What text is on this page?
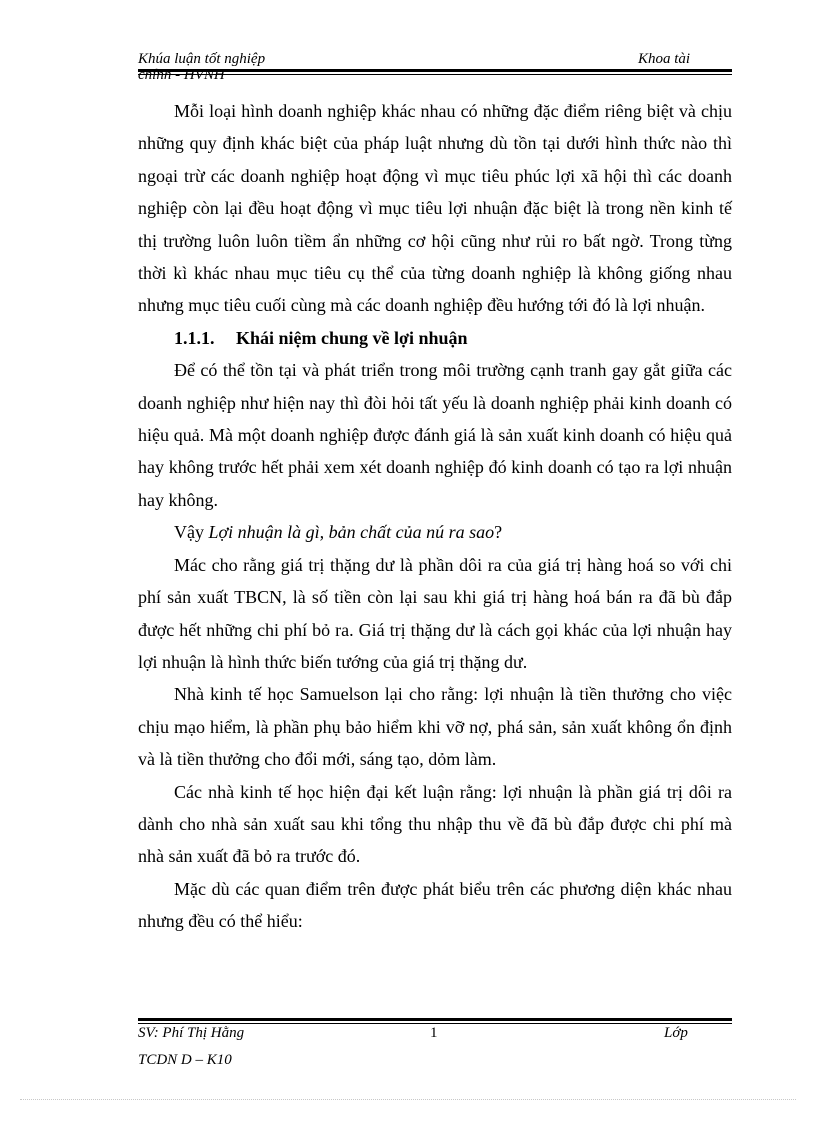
Khúa luận tốt nghiệp	Khoa tài
chính - HVNH

Mỗi loại hình doanh nghiệp khác nhau có những đặc điểm riêng biệt và chịu những quy định khác biệt của pháp luật nhưng dù tồn tại dưới hình thức nào thì ngoại trừ các doanh nghiệp hoạt động vì mục tiêu phúc lợi xã hội thì các doanh nghiệp còn lại đều hoạt động vì mục tiêu lợi nhuận đặc biệt là trong nền kinh tế thị trường luôn luôn tiềm ẩn những cơ hội cũng như rủi ro bất ngờ. Trong từng thời kì khác nhau mục tiêu cụ thể của từng doanh nghiệp là không giống nhau nhưng mục tiêu cuối cùng mà các doanh nghiệp đều hướng tới đó là lợi nhuận.

1.1.1. Khái niệm chung về lợi nhuận

Để có thể tồn tại và phát triển trong môi trường cạnh tranh gay gắt giữa các doanh nghiệp như hiện nay thì đòi hỏi tất yếu là doanh nghiệp phải kinh doanh có hiệu quả. Mà một doanh nghiệp được đánh giá là sản xuất kinh doanh có hiệu quả hay không trước hết phải xem xét doanh nghiệp đó kinh doanh có tạo ra lợi nhuận hay không.

Vậy Lợi nhuận là gì, bản chất của nú ra sao?

Mác cho rằng giá trị thặng dư là phần dôi ra của giá trị hàng hoá so với chi phí sản xuất TBCN, là số tiền còn lại sau khi giá trị hàng hoá bán ra đã bù đắp được hết những chi phí bỏ ra. Giá trị thặng dư là cách gọi khác của lợi nhuận hay lợi nhuận là hình thức biến tướng của giá trị thặng dư.

Nhà kinh tế học Samuelson lại cho rằng: lợi nhuận là tiền thưởng cho việc chịu mạo hiểm, là phần phụ bảo hiểm khi vỡ nợ, phá sản, sản xuất không ổn định và là tiền thưởng cho đổi mới, sáng tạo, dỏm làm.

Các nhà kinh tế học hiện đại kết luận rằng: lợi nhuận là phần giá trị dôi ra dành cho nhà sản xuất sau khi tổng thu nhập thu về đã bù đắp được chi phí mà nhà sản xuất đã bỏ ra trước đó.

Mặc dù các quan điểm trên được phát biểu trên các phương diện khác nhau nhưng đều có thể hiểu:

SV: Phí Thị Hằng	1	Lớp
TCDN D – K10
